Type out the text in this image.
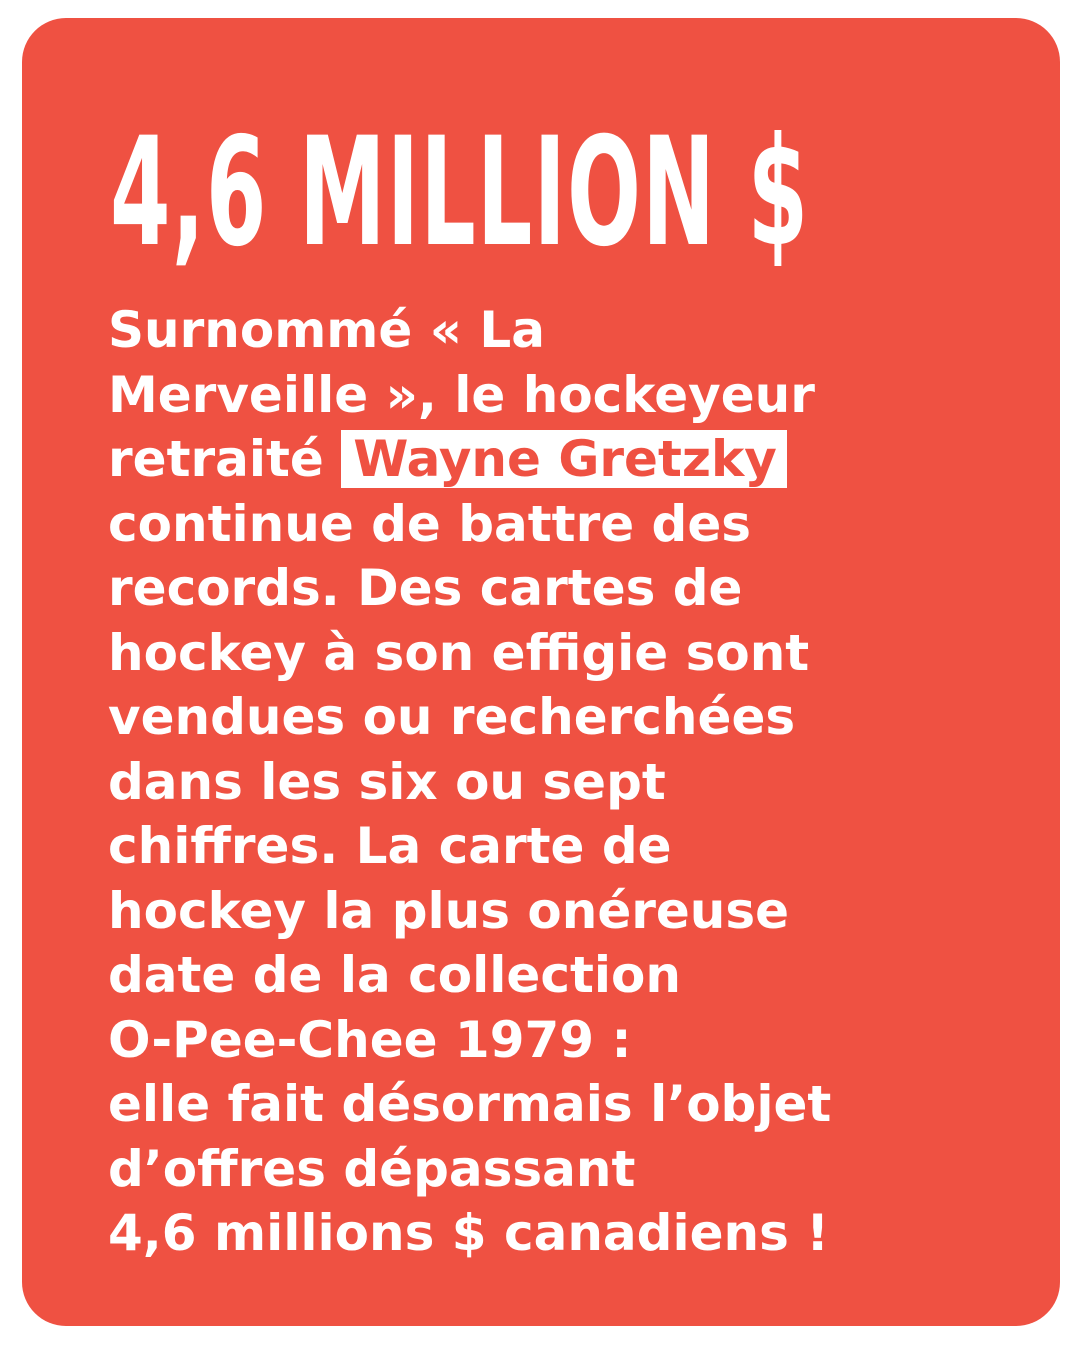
4,6 MILLION $

Surnommé « La
Merveille », le hockeyeur
retraité Wayne Gretzky
continue de battre des
records. Des cartes de
hockey à son effigie sont
vendues ou recherchées
dans les six ou sept
chiffres. La carte de
hockey la plus onéreuse
date de la collection
O-Pee-Chee 1979 :
elle fait désormais l’objet
d’offres dépassant
4,6 millions $ canadiens !
